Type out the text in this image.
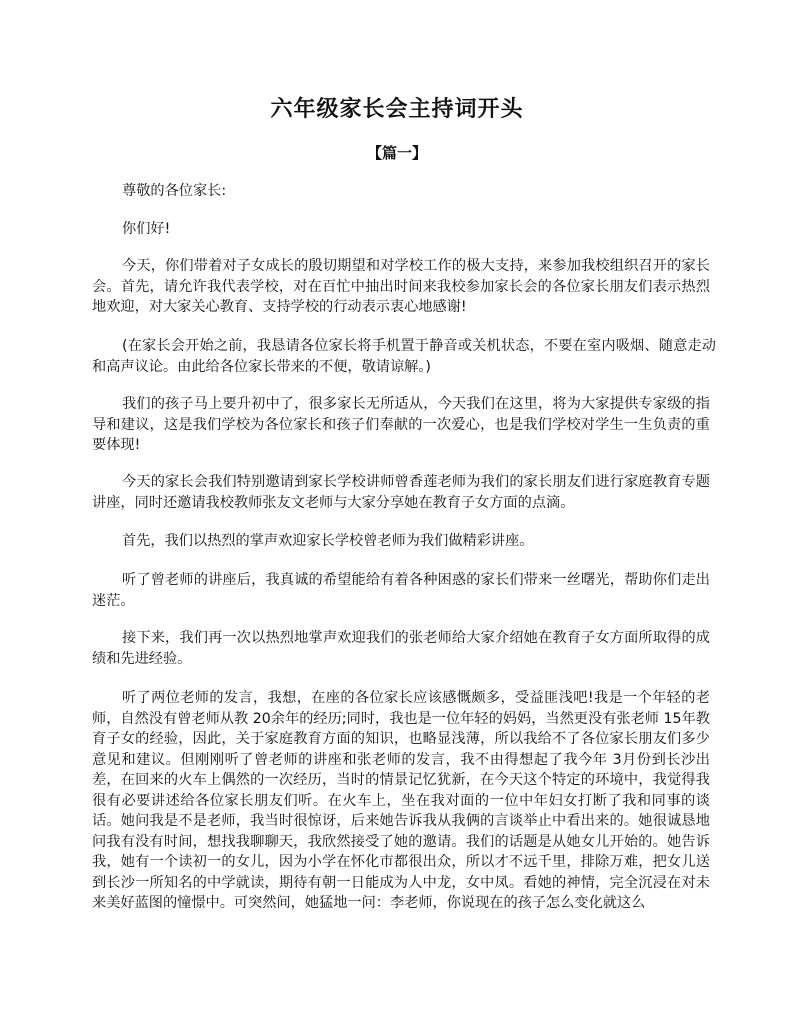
六年级家长会主持词开头
【篇一】

尊敬的各位家长:

你们好!

今天，你们带着对子女成长的殷切期望和对学校工作的极大支持，来参加我校组织召开的家长会。首先，请允许我代表学校，对在百忙中抽出时间来我校参加家长会的各位家长朋友们表示热烈地欢迎，对大家关心教育、支持学校的行动表示衷心地感谢!

(在家长会开始之前，我恳请各位家长将手机置于静音或关机状态，不要在室内吸烟、随意走动和高声议论。由此给各位家长带来的不便，敬请谅解。)

我们的孩子马上要升初中了，很多家长无所适从，今天我们在这里，将为大家提供专家级的指导和建议，这是我们学校为各位家长和孩子们奉献的一次爱心，也是我们学校对学生一生负责的重要体现!

今天的家长会我们特别邀请到家长学校讲师曾香莲老师为我们的家长朋友们进行家庭教育专题讲座，同时还邀请我校教师张友文老师与大家分享她在教育子女方面的点滴。

首先，我们以热烈的掌声欢迎家长学校曾老师为我们做精彩讲座。

听了曾老师的讲座后，我真诚的希望能给有着各种困惑的家长们带来一丝曙光，帮助你们走出迷茫。

接下来，我们再一次以热烈地掌声欢迎我们的张老师给大家介绍她在教育子女方面所取得的成绩和先进经验。

听了两位老师的发言，我想，在座的各位家长应该感慨颇多，受益匪浅吧!我是一个年轻的老师，自然没有曾老师从教 20余年的经历;同时，我也是一位年轻的妈妈，当然更没有张老师 15年教育子女的经验，因此，关于家庭教育方面的知识，也略显浅薄，所以我给不了各位家长朋友们多少意见和建议。但刚刚听了曾老师的讲座和张老师的发言，我不由得想起了我今年 3月份到长沙出差，在回来的火车上偶然的一次经历，当时的情景记忆犹新，在今天这个特定的环境中，我觉得我很有必要讲述给各位家长朋友们听。在火车上，坐在我对面的一位中年妇女打断了我和同事的谈话。她问我是不是老师，我当时很惊讶，后来她告诉我从我俩的言谈举止中看出来的。她很诚恳地问我有没有时间，想找我聊聊天，我欣然接受了她的邀请。我们的话题是从她女儿开始的。她告诉我，她有一个读初一的女儿，因为小学在怀化市都很出众，所以才不远千里，排除万难，把女儿送到长沙一所知名的中学就读，期待有朝一日能成为人中龙，女中凤。看她的神情，完全沉浸在对未来美好蓝图的憧憬中。可突然间，她猛地一问：李老师，你说现在的孩子怎么变化就这么
